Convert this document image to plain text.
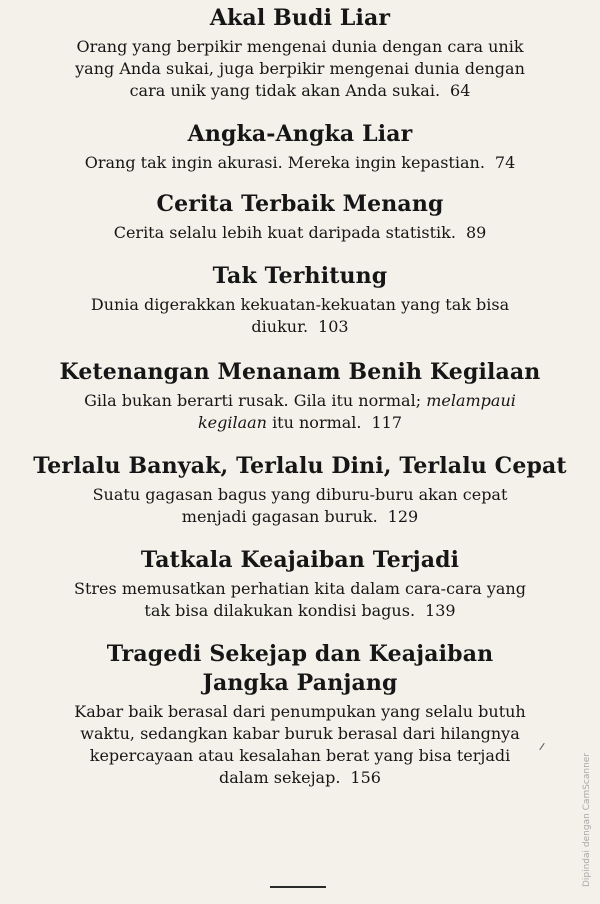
Akal Budi Liar

Orang yang berpikir mengenai dunia dengan cara unik yang Anda sukai, juga berpikir mengenai dunia dengan cara unik yang tidak akan Anda sukai. 64

Angka-Angka Liar

Orang tak ingin akurasi. Mereka ingin kepastian. 74

Cerita Terbaik Menang

Cerita selalu lebih kuat daripada statistik. 89

Tak Terhitung

Dunia digerakkan kekuatan-kekuatan yang tak bisa diukur. 103

Ketenangan Menanam Benih Kegilaan

Gila bukan berarti rusak. Gila itu normal; melampaui kegilaan itu normal. 117

Terlalu Banyak, Terlalu Dini, Terlalu Cepat

Suatu gagasan bagus yang diburu-buru akan cepat menjadi gagasan buruk. 129

Tatkala Keajaiban Terjadi

Stres memusatkan perhatian kita dalam cara-cara yang tak bisa dilakukan kondisi bagus. 139

Tragedi Sekejap dan Keajaiban Jangka Panjang

Kabar baik berasal dari penumpukan yang selalu butuh waktu, sedangkan kabar buruk berasal dari hilangnya kepercayaan atau kesalahan berat yang bisa terjadi dalam sekejap. 156	Dipindai dengan CamScanner
